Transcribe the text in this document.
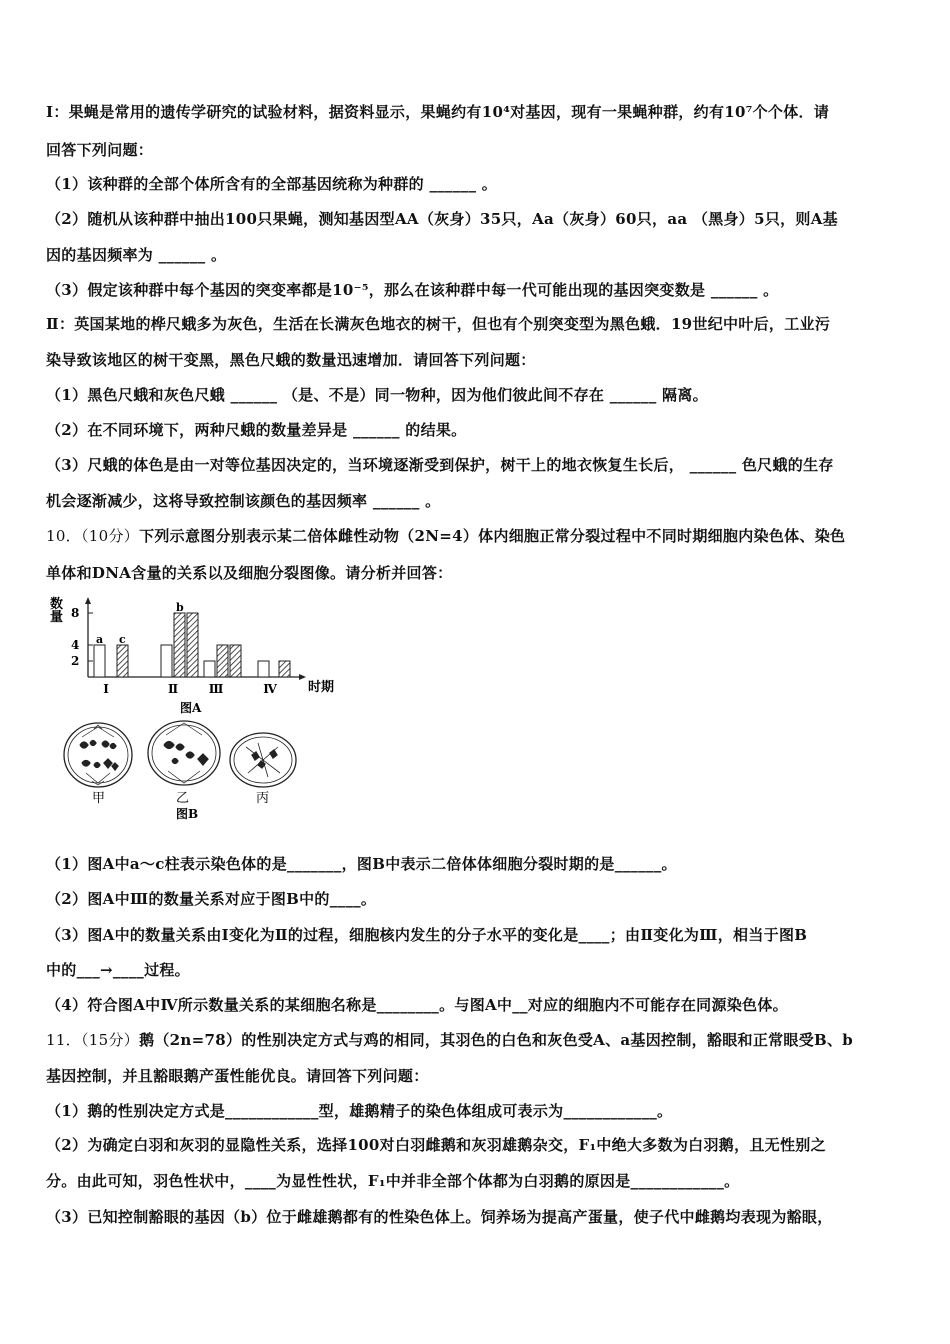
Ⅰ：果蝇是常用的遗传学研究的试验材料，据资料显示，果蝇约有10⁴对基因，现有一果蝇种群，约有10⁷个个体．请
回答下列问题：
（1）该种群的全部个体所含有的全部基因统称为种群的 ______ 。
（2）随机从该种群中抽出100只果蝇，测知基因型AA（灰身）35只，Aa（灰身）60只，aa （黑身）5只，则A基
因的基因频率为 ______ 。
（3）假定该种群中每个基因的突变率都是10⁻⁵，那么在该种群中每一代可能出现的基因突变数是 ______ 。
Ⅱ：英国某地的桦尺蛾多为灰色，生活在长满灰色地衣的树干，但也有个别突变型为黑色蛾．19世纪中叶后，工业污
染导致该地区的树干变黑，黑色尺蛾的数量迅速增加．请回答下列问题：
（1）黑色尺蛾和灰色尺蛾 ______ （是、不是）同一物种，因为他们彼此间不存在 ______ 隔离。
（2）在不同环境下，两种尺蛾的数量差异是 ______ 的结果。
（3）尺蛾的体色是由一对等位基因决定的，当环境逐渐受到保护，树干上的地衣恢复生长后， ______ 色尺蛾的生存
机会逐渐减少，这将导致控制该颜色的基因频率 ______ 。
10．（10分）下列示意图分别表示某二倍体雌性动物（2N=4）体内细胞正常分裂过程中不同时期细胞内染色体、染色
单体和DNA含量的关系以及细胞分裂图像。请分析并回答：
2
4
8
a c
Ⅰ
b
Ⅱ	Ⅲ	Ⅳ
数量
时期
图A
甲	乙	丙
图B
（1）图A中a～c柱表示染色体的是_______，图B中表示二倍体体细胞分裂时期的是______。
（2）图A中Ⅲ的数量关系对应于图B中的____。
（3）图A中的数量关系由Ⅰ变化为Ⅱ的过程，细胞核内发生的分子水平的变化是____；由Ⅱ变化为Ⅲ，相当于图B
中的___→____过程。
（4）符合图A中Ⅳ所示数量关系的某细胞名称是________。与图A中__对应的细胞内不可能存在同源染色体。
11．（15分）鹅（2n=78）的性别决定方式与鸡的相同，其羽色的白色和灰色受A、a基因控制，豁眼和正常眼受B、b
基因控制，并且豁眼鹅产蛋性能优良。请回答下列问题：
（1）鹅的性别决定方式是____________型，雄鹅精子的染色体组成可表示为____________。
（2）为确定白羽和灰羽的显隐性关系，选择100对白羽雌鹅和灰羽雄鹅杂交，F₁中绝大多数为白羽鹅，且无性别之
分。由此可知，羽色性状中，____为显性性状，F₁中并非全部个体都为白羽鹅的原因是____________。
（3）已知控制豁眼的基因（b）位于雌雄鹅都有的性染色体上。饲养场为提高产蛋量，使子代中雌鹅均表现为豁眼，
